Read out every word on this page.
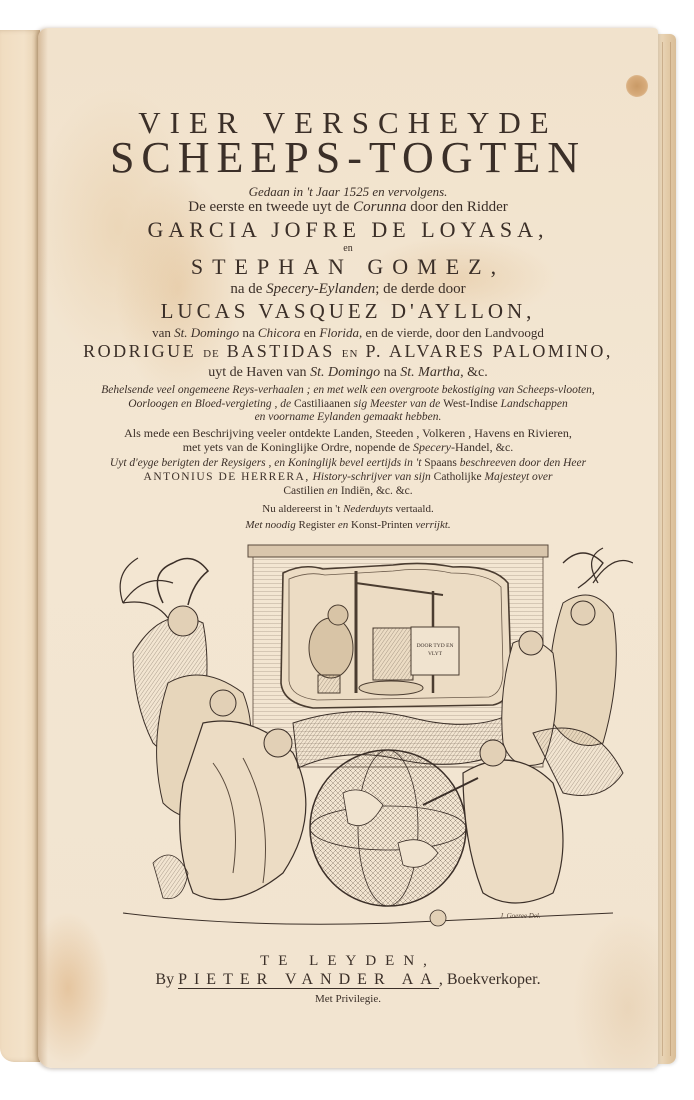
VIER VERSCHEYDE
SCHEEPS-TOGTEN
Gedaan in 't Jaar 1525 en vervolgens.
De eerste en tweede uyt de Corunna door den Ridder
GARCIA JOFRE DE LOYASA,
en
STEPHAN GOMEZ,
na de Specery-Eylanden; de derde door
LUCAS VASQUEZ D'AYLLON,
van St. Domingo na Chicora en Florida, en de vierde, door den Landvoogd
RODRIGUE DE BASTIDAS EN P. ALVARES PALOMINO,
uyt de Haven van St. Domingo na St. Martha, &c.
Behelsende veel ongemeene Reys-verhaalen ; en met welk een overgroote bekostiging van Scheeps-vlooten,
Oorloogen en Bloed-vergieting , de Castiliaanen sig Meester van de West-Indise Landschappen
en voorname Eylanden gemaakt hebben.
Als mede een Beschrijving veeler ontdekte Landen, Steeden , Volkeren , Havens en Rivieren,
met yets van de Koninglijke Ordre, nopende de Specery-Handel, &c.
Uyt d'eyge berigten der Reysigers , en Koninglijk bevel eertijds in 't Spaans beschreeven door den Heer
ANTONIUS DE HERRERA, History-schrijver van sijn Catholijke Majesteyt over
Castilien en Indiën, &c. &c.
Nu aldereerst in 't Nederduyts vertaald.
Met noodig Register en Konst-Printen verrijkt.
DOOR TYD EN
VLYT
J. Goeree Del.
TE LEYDEN,
By PIETER VANDER AA, Boekverkoper.
Met Privilegie.
